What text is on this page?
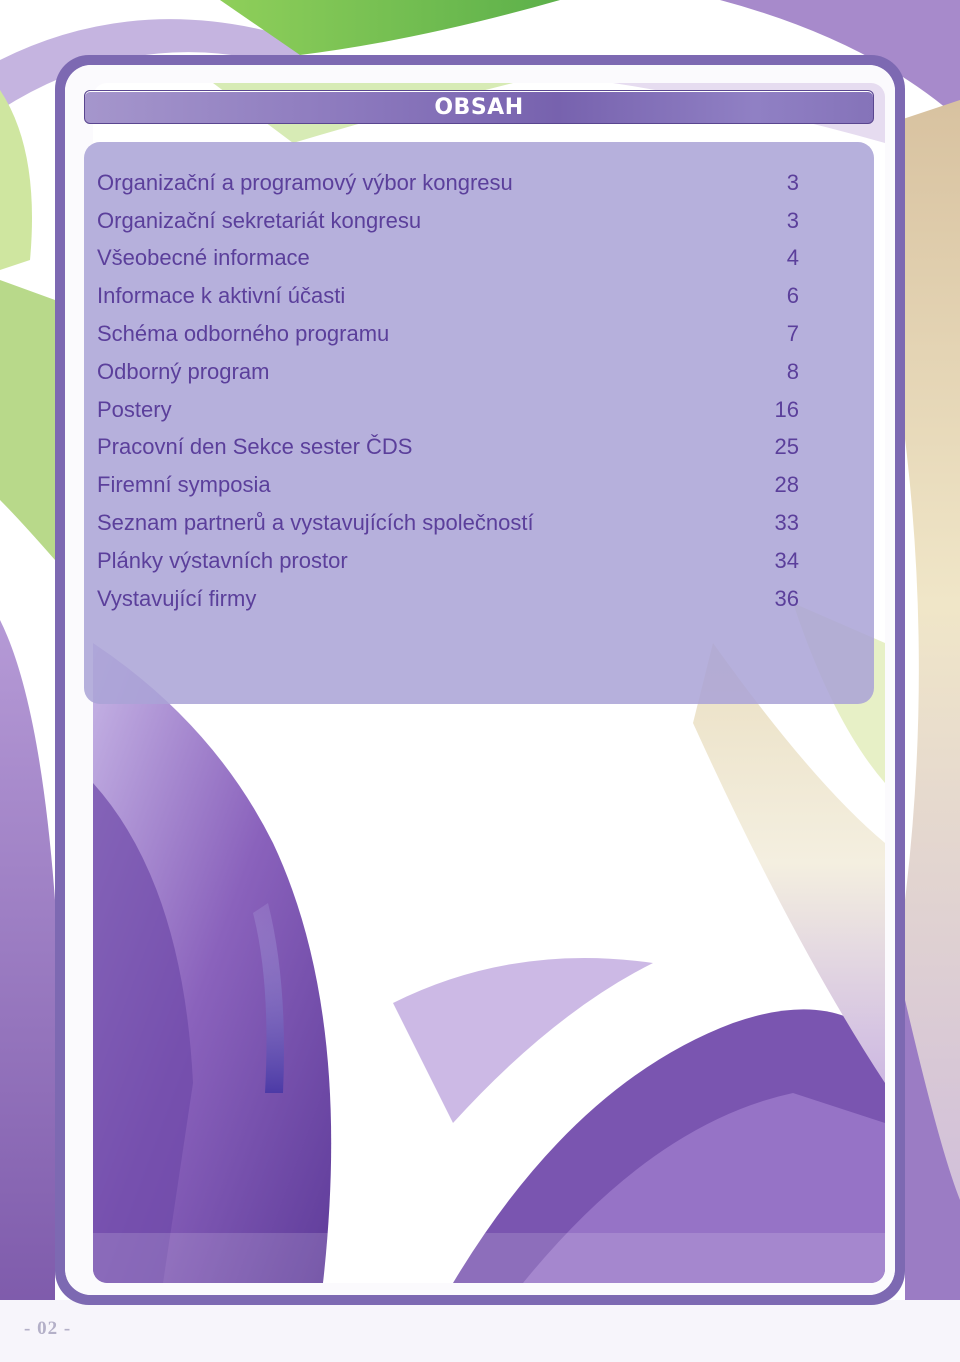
OBSAH
Organizační a programový výbor kongresu	3
Organizační sekretariát kongresu	3
Všeobecné informace	4
Informace k aktivní účasti	6
Schéma odborného programu	7
Odborný program	8
Postery	16
Pracovní den Sekce sester ČDS	25
Firemní symposia	28
Seznam partnerů a vystavujících společností	33
Plánky výstavních prostor	34
Vystavující firmy	36
- 02 -
